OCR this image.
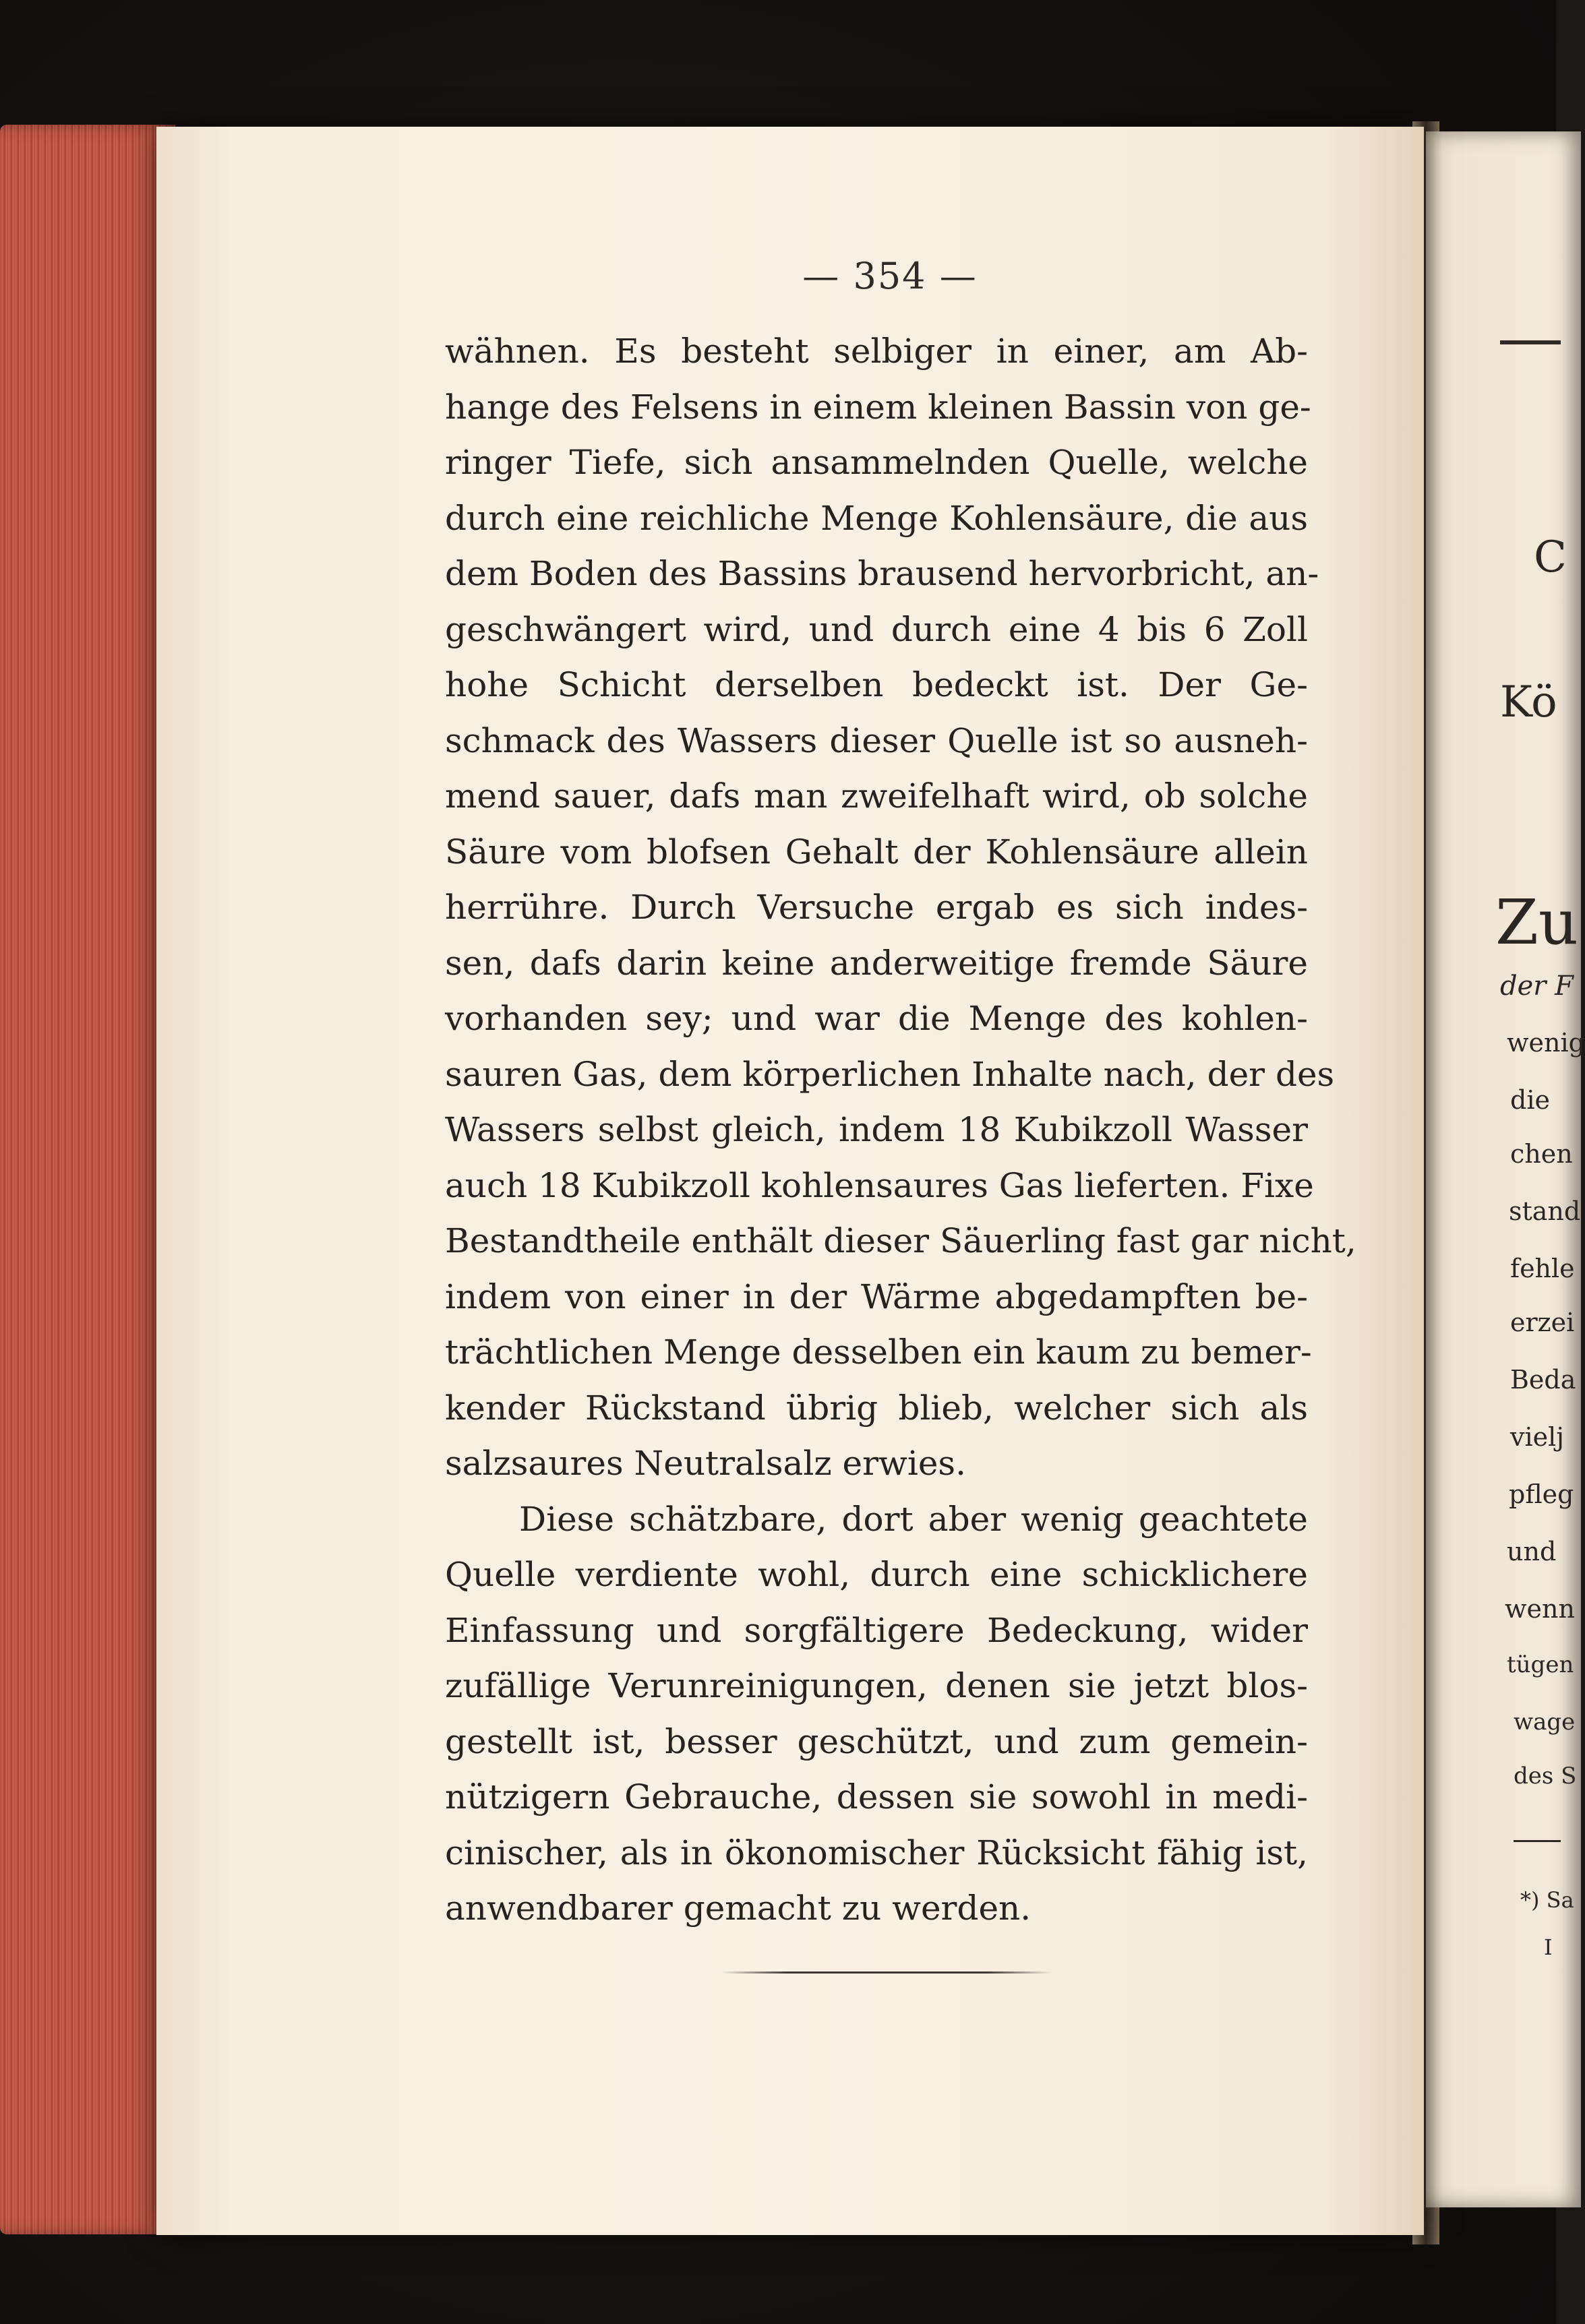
— 354 —
wähnen. Es besteht selbiger in einer, am Ab-
hange des Felsens in einem kleinen Bassin von ge-
ringer Tiefe, sich ansammelnden Quelle, welche
durch eine reichliche Menge Kohlensäure, die aus
dem Boden des Bassins brausend hervorbricht, an-
geschwängert wird, und durch eine 4 bis 6 Zoll
hohe Schicht derselben bedeckt ist. Der Ge-
schmack des Wassers dieser Quelle ist so ausneh-
mend sauer, dafs man zweifelhaft wird, ob solche
Säure vom blofsen Gehalt der Kohlensäure allein
herrühre. Durch Versuche ergab es sich indes-
sen, dafs darin keine anderweitige fremde Säure
vorhanden sey; und war die Menge des kohlen-
sauren Gas, dem körperlichen Inhalte nach, der des
Wassers selbst gleich, indem 18 Kubikzoll Wasser
auch 18 Kubikzoll kohlensaures Gas lieferten. Fixe
Bestandtheile enthält dieser Säuerling fast gar nicht,
indem von einer in der Wärme abgedampften be-
trächtlichen Menge desselben ein kaum zu bemer-
kender Rückstand übrig blieb, welcher sich als
salzsaures Neutralsalz erwies.
Diese schätzbare, dort aber wenig geachtete
Quelle verdiente wohl, durch eine schicklichere
Einfassung und sorgfältigere Bedeckung, wider
zufällige Verunreinigungen, denen sie jetzt blos-
gestellt ist, besser geschützt, und zum gemein-
nützigern Gebrauche, dessen sie sowohl in medi-
cinischer, als in ökonomischer Rücksicht fähig ist,
anwendbarer gemacht zu werden.
C
Kö
Zu
der F
wenig
die
chen
stand
fehle
erzei
Beda
vielj
pfleg
und
wenn
tügen
wage
des S
*) Sa
I
